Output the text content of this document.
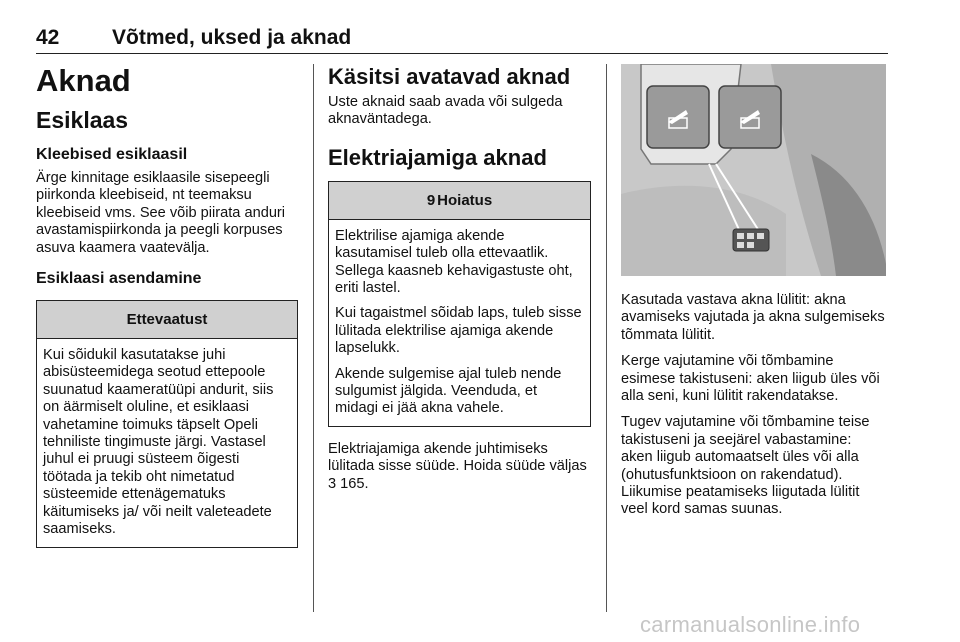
42	Võtmed, uksed ja aknad
Aknad
Esiklaas
Kleebised esiklaasil

Ärge kinnitage esiklaasile sisepeegli piirkonda kleebiseid, nt teemaksu kleebiseid vms. See võib piirata anduri avastamispiirkonda ja peegli korpuses asuva kaamera vaatevälja.

Esiklaasi asendamine
Ettevaatust

Kui sõidukil kasutatakse juhi abisüsteemidega seotud ettepoole suunatud kaameratüüpi andurit, siis on äärmiselt oluline, et esiklaasi vahetamine toimuks täpselt Opeli tehniliste tingimuste järgi. Vastasel juhul ei pruugi süsteem õigesti töötada ja tekib oht nimetatud süsteemide ettenägematuks käitumiseks ja/ või neilt valeteadete saamiseks.

Käsitsi avatavad aknad

Uste aknaid saab avada või sulgeda aknaväntadega.

Elektriajamiga aknad
9 Hoiatus

Elektrilise ajamiga akende kasutamisel tuleb olla ettevaatlik. Sellega kaasneb kehavigastuste oht, eriti lastel.

Kui tagaistmel sõidab laps, tuleb sisse lülitada elektrilise ajamiga akende lapselukk.

Akende sulgemise ajal tuleb nende sulgumist jälgida. Veenduda, et midagi ei jää akna vahele.

Elektriajamiga akende juhtimiseks lülitada sisse süüde. Hoida süüde väljas 3 165.

Kasutada vastava akna lülitit: akna avamiseks vajutada ja akna sulgemiseks tõmmata lülitit.

Kerge vajutamine või tõmbamine esimese takistuseni: aken liigub üles või alla seni, kuni lülitit rakendatakse.

Tugev vajutamine või tõmbamine teise takistuseni ja seejärel vabastamine: aken liigub automaatselt üles või alla (ohutusfunktsioon on rakendatud). Liikumise peatamiseks liigutada lülitit veel kord samas suunas.

carmanualsonline.info
